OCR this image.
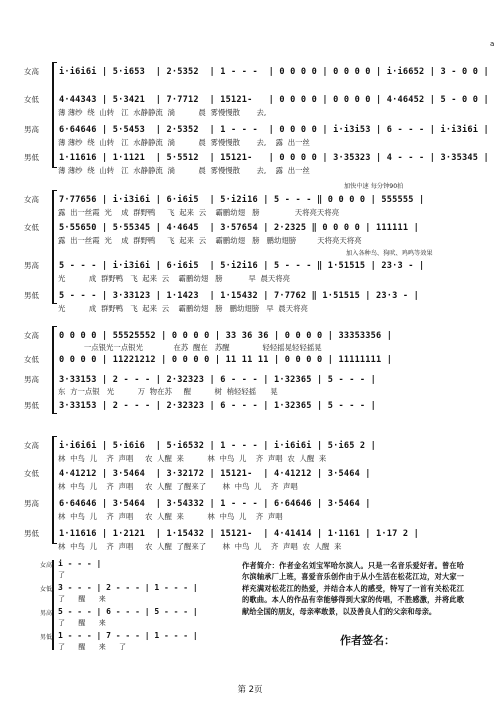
a
女高	i·i6i6i | 5·i653  | 2·5352  | 1 - - -  | 0 0 0 0 | 0 0 0 0 | i·i6652 | 3 - 0 0 |
女低	4·44343 | 5·3421  | 7·7712  | 15121-   | 0 0 0 0 | 0 0 0 0 | 4·46452 | 5 - 0 0 |
薄 薄纱  绕  山转   江  水静静流  淌          晨  雾慢慢散       去,
男高	6·64646 | 5·5453  | 2·5352  | 1 - - -  | 0 0 0 0 | i·i3i53 | 6 - - - | i·i3i6i |
薄 薄纱  绕  山转   江  水静静流  淌          晨  雾慢慢散       去,    露  出一丝
男低	1·11616 | 1·1121  | 5·5512  | 15121-   | 0 0 0 0 | 3·35323 | 4 - - - | 3·35345 |
薄 薄纱  绕  山转   江  水静静流  淌          晨  雾慢慢散       去,    露  出一丝
加快中速 每分钟90拍
女高	7·77656 | i·i3i6i | 6·i6i5  | 5·i2i16 | 5 - - - ‖ 0 0 0 0 | 555555 |
露  出一丝霞  光    成  群野鸭     飞  起来  云    霸鹏幼翅   膀               天将亮天将亮
女低	5·55650 | 5·55345 | 4·4645  | 3·57654 | 2·2325 ‖ 0 0 0 0 | 111111 |
露  出一丝霞  光    成  群野鸭     飞  起来  云    霸鹏幼翅   膀   鹏幼翅膀         天将亮天将亮
加入各种鸟、狗吠、鸡鸣等效果
男高	5 - - - | i·i3i6i | 6·i6i5  | 5·i2i16 | 5 - - - ‖ 1·51515 | 23·3 - |
光          成  群野鸭   飞  起来  云    霸鹏幼翅   膀           早  晨天将亮
男低	5 - - - | 3·33123 | 1·1423  | 1·15432 | 7·7762 ‖ 1·51515 | 23·3 - |
光          成  群野鸭   飞  起来  云    霸鹏幼翅   膀   鹏幼翅膀   早  晨天将亮
女高	0 0 0 0 | 55525552 | 0 0 0 0 | 33 36 36 | 0 0 0 0 | 33353356 |
一点银光一点银光             在苏  醒在   苏醒              轻轻摇晃轻轻摇晃
女低	0 0 0 0 | 11221212 | 0 0 0 0 | 11 11 11 | 0 0 0 0 | 11111111 |
男高	3·33153 | 2 - - - | 2·32323 | 6 - - - | 1·32365 | 5 - - - |
东  方一点银   光          万  物在苏     醒          树  梢轻轻摇      晃
男低	3·33153 | 2 - - - | 2·32323 | 6 - - - | 1·32365 | 5 - - - |
女高	i·i6i6i | 5·i6i6  | 5·i6532 | 1 - - - | i·i6i6i | 5·i65 2 |
林  中鸟  儿    齐  声唱     农  人醒  来          林  中鸟  儿    齐  声唱  农  人醒  来
女低	4·41212 | 3·5464  | 3·32172 | 15121-  | 4·41212 | 3·5464 |
林  中鸟  儿    齐  声唱     农  人醒  了醒来了       林  中鸟  儿    齐  声唱
男高	6·64646 | 3·5464  | 3·54332 | 1 - - - | 6·64646 | 3·5464 |
林  中鸟  儿    齐  声唱     农  人醒  来          林  中鸟  儿    齐  声唱
男低	1·11616 | 1·2121  | 1·15432 | 15121-  | 4·41414 | 1·1161 | 1·17 2 |
林  中鸟  儿    齐  声唱     农  人醒  了醒来了       林  中鸟  儿    齐  声唱  农  人醒  来
女高 i - - - |
了
女低 3 - - - | 2 - - - | 1 - - - |
了      醒      来
男高 5 - - - | 6 - - - | 5 - - - |
了      醒      来
男低 1 - - - | 7 - - - | 1 - - - |
了      醒      来      了
作者简介：作者金名刘宝军哈尔滨人。只是一名音乐爱好者。曾在哈尔滨轴承厂上班，喜爱音乐创作由于从小生活在松花江边，对大家一样充满对松花江的热爱，并结合本人的感受，特写了一首有关松花江的歌曲。本人的作品有幸能够得到大家的传唱，不胜感激，并将此歌献给全国的朋友，母亲率敢景，以及善良人们的父亲和母亲。
作者签名：
第 2页
